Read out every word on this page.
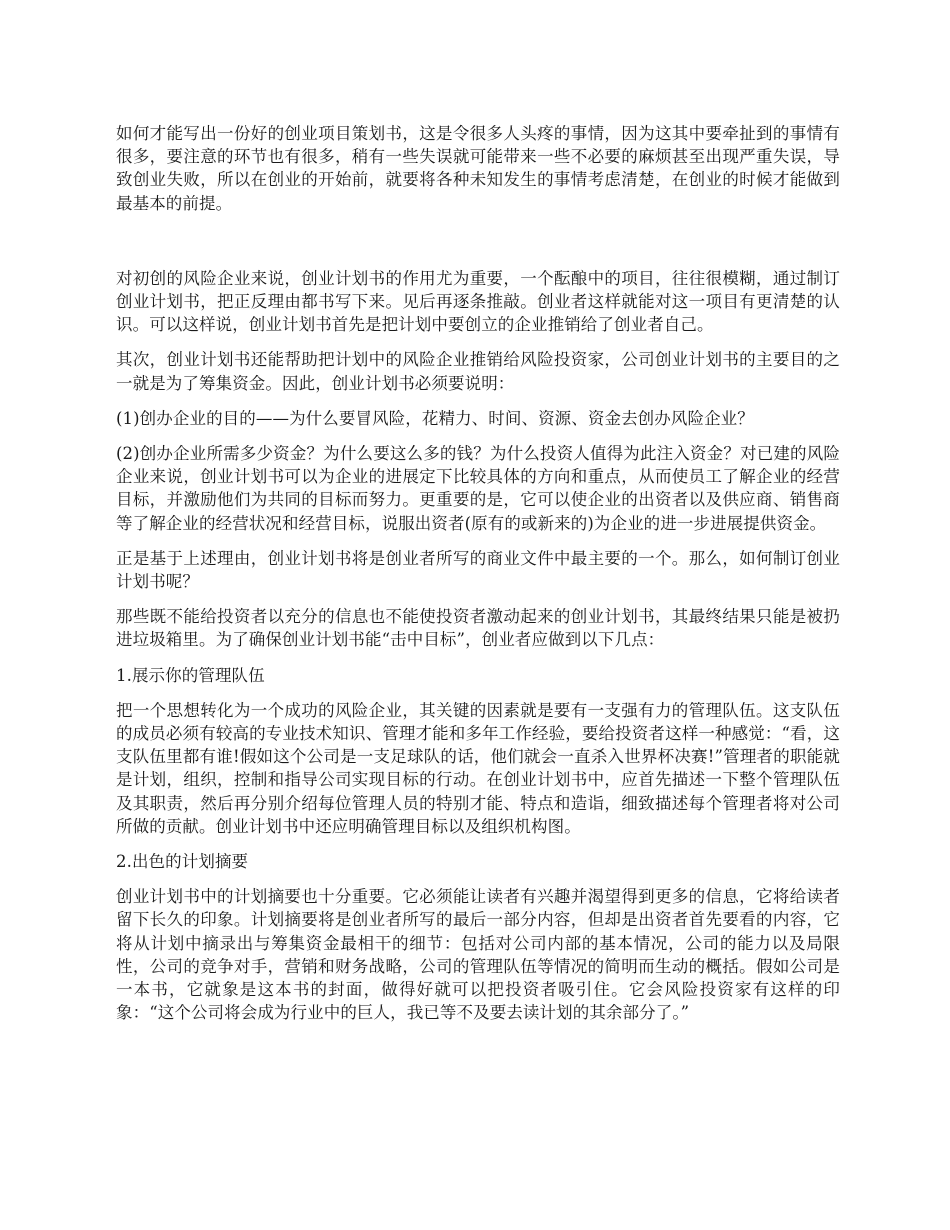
如何才能写出一份好的创业项目策划书，这是令很多人头疼的事情，因为这其中要牵扯到的事情有很多，要注意的环节也有很多，稍有一些失误就可能带来一些不必要的麻烦甚至出现严重失误，导致创业失败，所以在创业的开始前，就要将各种未知发生的事情考虑清楚，在创业的时候才能做到最基本的前提。

对初创的风险企业来说，创业计划书的作用尤为重要，一个酝酿中的项目，往往很模糊，通过制订创业计划书，把正反理由都书写下来。见后再逐条推敲。创业者这样就能对这一项目有更清楚的认识。可以这样说，创业计划书首先是把计划中要创立的企业推销给了创业者自己。

其次，创业计划书还能帮助把计划中的风险企业推销给风险投资家，公司创业计划书的主要目的之一就是为了筹集资金。因此，创业计划书必须要说明：

(1)创办企业的目的——为什么要冒风险，花精力、时间、资源、资金去创办风险企业？

(2)创办企业所需多少资金？为什么要这么多的钱？为什么投资人值得为此注入资金？对已建的风险企业来说，创业计划书可以为企业的进展定下比较具体的方向和重点，从而使员工了解企业的经营目标，并激励他们为共同的目标而努力。更重要的是，它可以使企业的出资者以及供应商、销售商等了解企业的经营状况和经营目标，说服出资者(原有的或新来的)为企业的进一步进展提供资金。

正是基于上述理由，创业计划书将是创业者所写的商业文件中最主要的一个。那么，如何制订创业计划书呢？

那些既不能给投资者以充分的信息也不能使投资者激动起来的创业计划书，其最终结果只能是被扔进垃圾箱里。为了确保创业计划书能“击中目标”，创业者应做到以下几点：

1.展示你的管理队伍

把一个思想转化为一个成功的风险企业，其关键的因素就是要有一支强有力的管理队伍。这支队伍的成员必须有较高的专业技术知识、管理才能和多年工作经验，要给投资者这样一种感觉：“看，这支队伍里都有谁!假如这个公司是一支足球队的话，他们就会一直杀入世界杯决赛!”管理者的职能就是计划，组织，控制和指导公司实现目标的行动。在创业计划书中，应首先描述一下整个管理队伍及其职责，然后再分别介绍每位管理人员的特别才能、特点和造诣，细致描述每个管理者将对公司所做的贡献。创业计划书中还应明确管理目标以及组织机构图。

2.出色的计划摘要

创业计划书中的计划摘要也十分重要。它必须能让读者有兴趣并渴望得到更多的信息，它将给读者留下长久的印象。计划摘要将是创业者所写的最后一部分内容，但却是出资者首先要看的内容，它将从计划中摘录出与筹集资金最相干的细节：包括对公司内部的基本情况，公司的能力以及局限性，公司的竞争对手，营销和财务战略，公司的管理队伍等情况的简明而生动的概括。假如公司是一本书，它就象是这本书的封面，做得好就可以把投资者吸引住。它会风险投资家有这样的印象：“这个公司将会成为行业中的巨人，我已等不及要去读计划的其余部分了。”
